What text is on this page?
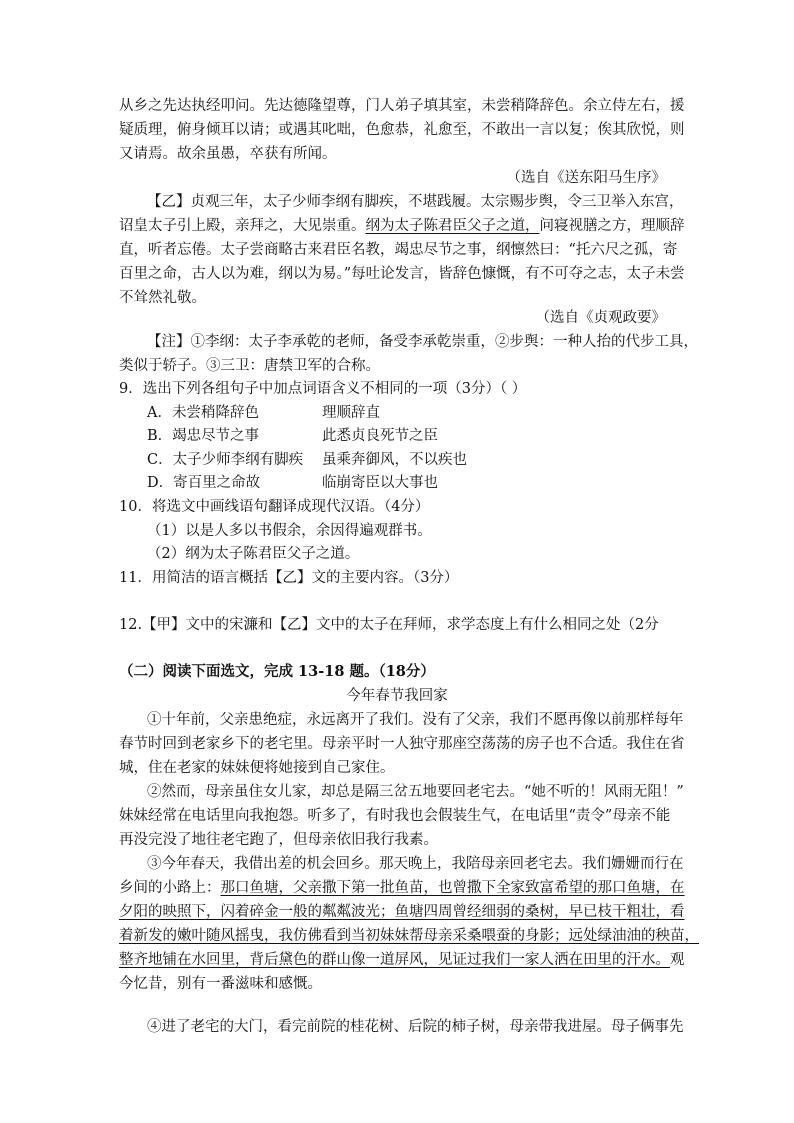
从乡之先达执经叩问。先达德隆望尊，门人弟子填其室，未尝稍降辞色。余立侍左右，援
疑质理，俯身倾耳以请；或遇其叱咄，色愈恭，礼愈至，不敢出一言以复；俟其欣悦，则
又请焉。故余虽愚，卒获有所闻。
（选自《送东阳马生序》
【乙】贞观三年，太子少师李纲有脚疾，不堪践履。太宗赐步舆，令三卫举入东宫，
诏皇太子引上殿，亲拜之，大见崇重。纲为太子陈君臣父子之道，问寝视膳之方，理顺辞
直，听者忘倦。太子尝商略古来君臣名教，竭忠尽节之事，纲懔然曰：“托六尺之孤，寄
百里之命，古人以为难，纲以为易。”每吐论发言，皆辞色慷慨，有不可夺之志，太子未尝
不耸然礼敬。
（选自《贞观政要》
【注】①李纲：太子李承乾的老师，备受李承乾崇重，②步舆：一种人抬的代步工具，
类似于轿子。③三卫：唐禁卫军的合称。
9．选出下列各组句子中加点词语含义不相同的一项（3分）（ ）
A．未尝稍降辞色	理顺辞直
B．竭忠尽节之事	此悉贞良死节之臣
C．太子少师李纲有脚疾 虽乘奔御风，不以疾也
D．寄百里之命故	临崩寄臣以大事也
10．将选文中画线语句翻译成现代汉语。（4分）
（1）以是人多以书假余，余因得遍观群书。
（2）纲为太子陈君臣父子之道。
11．用简洁的语言概括【乙】文的主要内容。（3分）
12.【甲】文中的宋濂和【乙】文中的太子在拜师，求学态度上有什么相同之处（2分
（二）阅读下面选文，完成 13-18 题。（18分）
今年春节我回家
①十年前，父亲患绝症，永远离开了我们。没有了父亲，我们不愿再像以前那样每年
春节时回到老家乡下的老宅里。母亲平时一人独守那座空荡荡的房子也不合适。我住在省
城，住在老家的妹妹便将她接到自己家住。
②然而，母亲虽住女儿家，却总是隔三岔五地要回老宅去。“她不听的！风雨无阻！”
妹妹经常在电话里向我抱怨。听多了，有时我也会假装生气，在电话里“责令”母亲不能
再没完没了地往老宅跑了，但母亲依旧我行我素。
③今年春天，我借出差的机会回乡。那天晚上，我陪母亲回老宅去。我们姗姗而行在
乡间的小路上：那口鱼塘，父亲撒下第一批鱼苗，也曾撒下全家致富希望的那口鱼塘，在
夕阳的映照下，闪着碎金一般的粼粼波光；鱼塘四周曾经细弱的桑树，早已枝干粗壮，看
着新发的嫩叶随风摇曳，我仿佛看到当初妹妹帮母亲采桑喂蚕的身影；远处绿油油的秧苗，
整齐地铺在水回里，背后黛色的群山像一道屏风，见证过我们一家人洒在田里的汗水。观
今忆昔，别有一番滋味和感慨。
④进了老宅的大门，看完前院的桂花树、后院的柿子树，母亲带我进屋。母子俩事先
